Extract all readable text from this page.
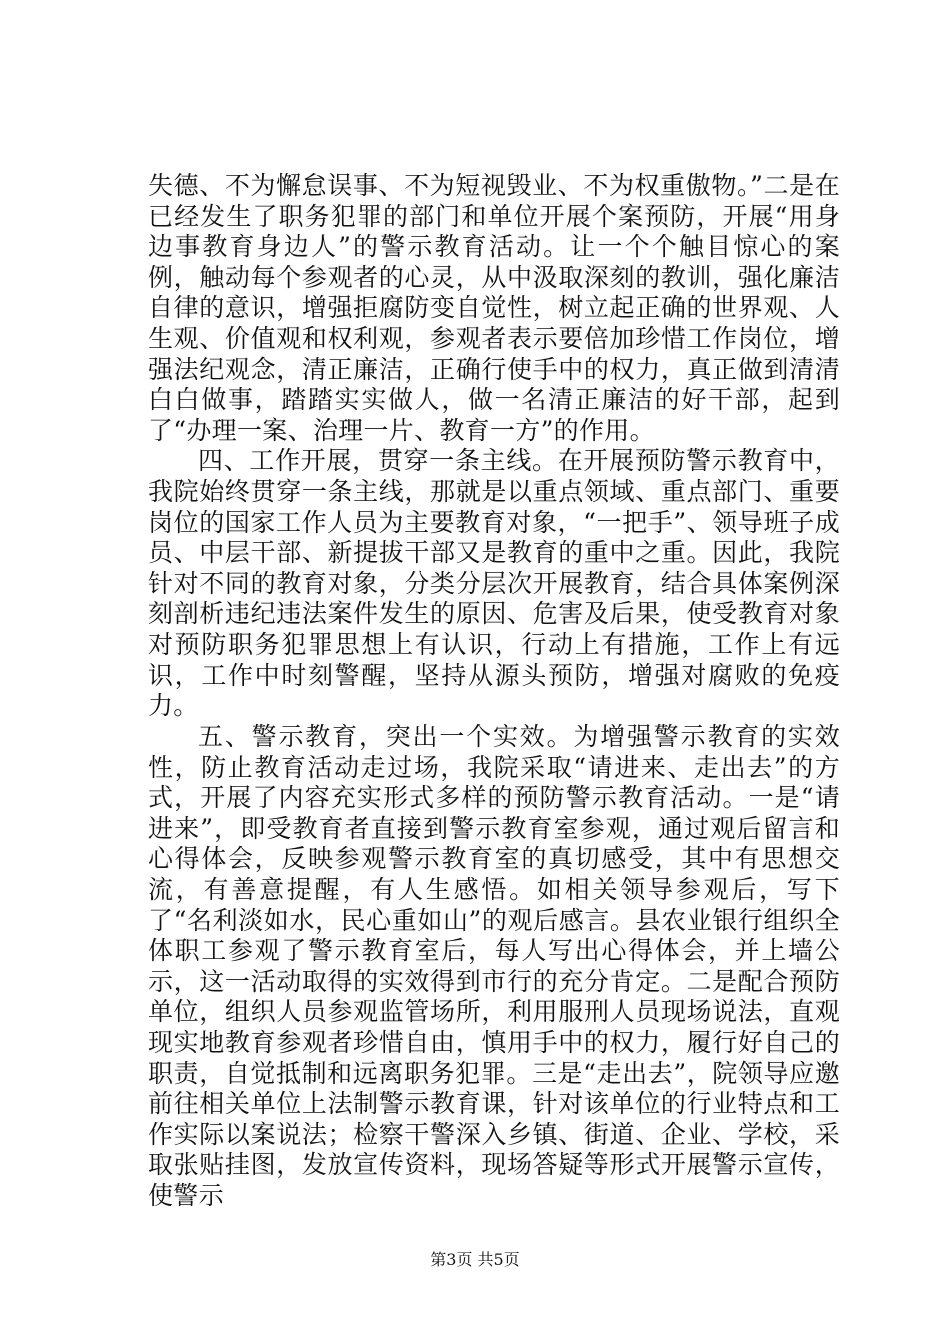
失德、不为懈怠误事、不为短视毁业、不为权重傲物。”二是在已经发生了职务犯罪的部门和单位开展个案预防，开展“用身边事教育身边人”的警示教育活动。让一个个触目惊心的案例，触动每个参观者的心灵，从中汲取深刻的教训，强化廉洁自律的意识，增强拒腐防变自觉性，树立起正确的世界观、人生观、价值观和权利观，参观者表示要倍加珍惜工作岗位，增强法纪观念，清正廉洁，正确行使手中的权力，真正做到清清白白做事，踏踏实实做人，做一名清正廉洁的好干部，起到了“办理一案、治理一片、教育一方”的作用。

四、工作开展，贯穿一条主线。在开展预防警示教育中，我院始终贯穿一条主线，那就是以重点领域、重点部门、重要岗位的国家工作人员为主要教育对象，“一把手”、领导班子成员、中层干部、新提拔干部又是教育的重中之重。因此，我院针对不同的教育对象，分类分层次开展教育，结合具体案例深刻剖析违纪违法案件发生的原因、危害及后果，使受教育对象对预防职务犯罪思想上有认识，行动上有措施，工作上有远识，工作中时刻警醒，坚持从源头预防，增强对腐败的免疫力。

五、警示教育，突出一个实效。为增强警示教育的实效性，防止教育活动走过场，我院采取“请进来、走出去”的方式，开展了内容充实形式多样的预防警示教育活动。一是“请进来”，即受教育者直接到警示教育室参观，通过观后留言和心得体会，反映参观警示教育室的真切感受，其中有思想交流，有善意提醒，有人生感悟。如相关领导参观后，写下了“名利淡如水，民心重如山”的观后感言。县农业银行组织全体职工参观了警示教育室后，每人写出心得体会，并上墙公示，这一活动取得的实效得到市行的充分肯定。二是配合预防单位，组织人员参观监管场所，利用服刑人员现场说法，直观现实地教育参观者珍惜自由，慎用手中的权力，履行好自己的职责，自觉抵制和远离职务犯罪。三是“走出去”，院领导应邀前往相关单位上法制警示教育课，针对该单位的行业特点和工作实际以案说法；检察干警深入乡镇、街道、企业、学校，采取张贴挂图，发放宣传资料，现场答疑等形式开展警示宣传，使警示

第3页 共5页
